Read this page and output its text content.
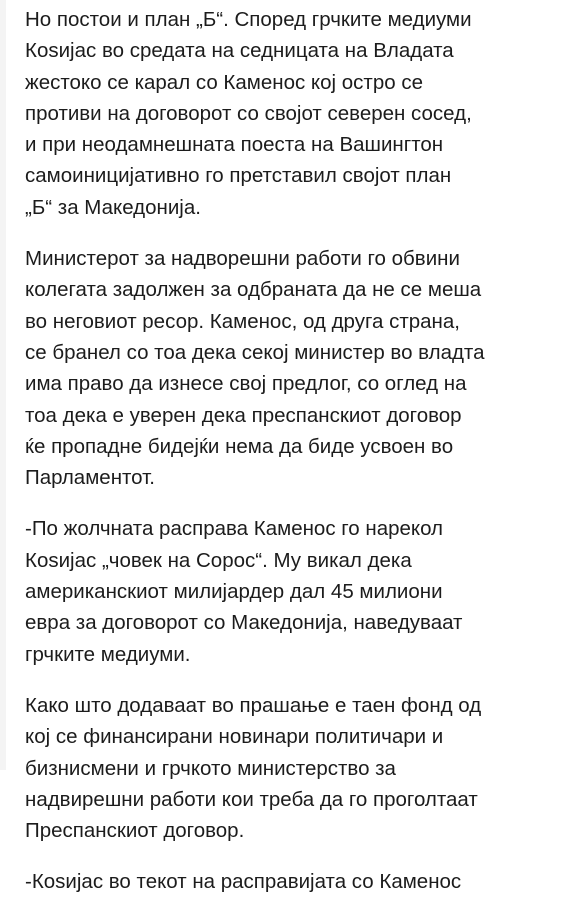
Но постои и план „Б“. Според грчките медиуми
Коѕијас во средата на седницата на Владата
жестоко се карал со Каменос кој остро се
противи на договорот со својот северен сосед,
и при неодамнешната поеста на Вашингтон
самоиницијативно го претставил својот план
„Б“ за Македонија.

Министерот за надворешни работи го обвини
колегата задолжен за одбраната да не се меша
во неговиот ресор. Каменос, од друга страна,
се бранел со тоа дека секој министер во владта
има право да изнесе свој предлог, со оглед на
тоа дека е уверен дека преспанскиот договор
ќе пропадне бидејќи нема да биде усвоен во
Парламентот.

-По жолчната расправа Каменос го нарекол
Коѕијас „човек на Сорос“. Му викал дека
американскиот милијардер дал 45 милиони
евра за договорот со Македонија, наведуваат
грчките медиуми.

Како што додаваат во прашање е таен фонд од
кој се финансирани новинари политичари и
бизнисмени и грчкото министерство за
надвирешни работи кои треба да го проголтаат
Преспанскиот договор.

-Коѕијас во текот на расправијата со Каменос
